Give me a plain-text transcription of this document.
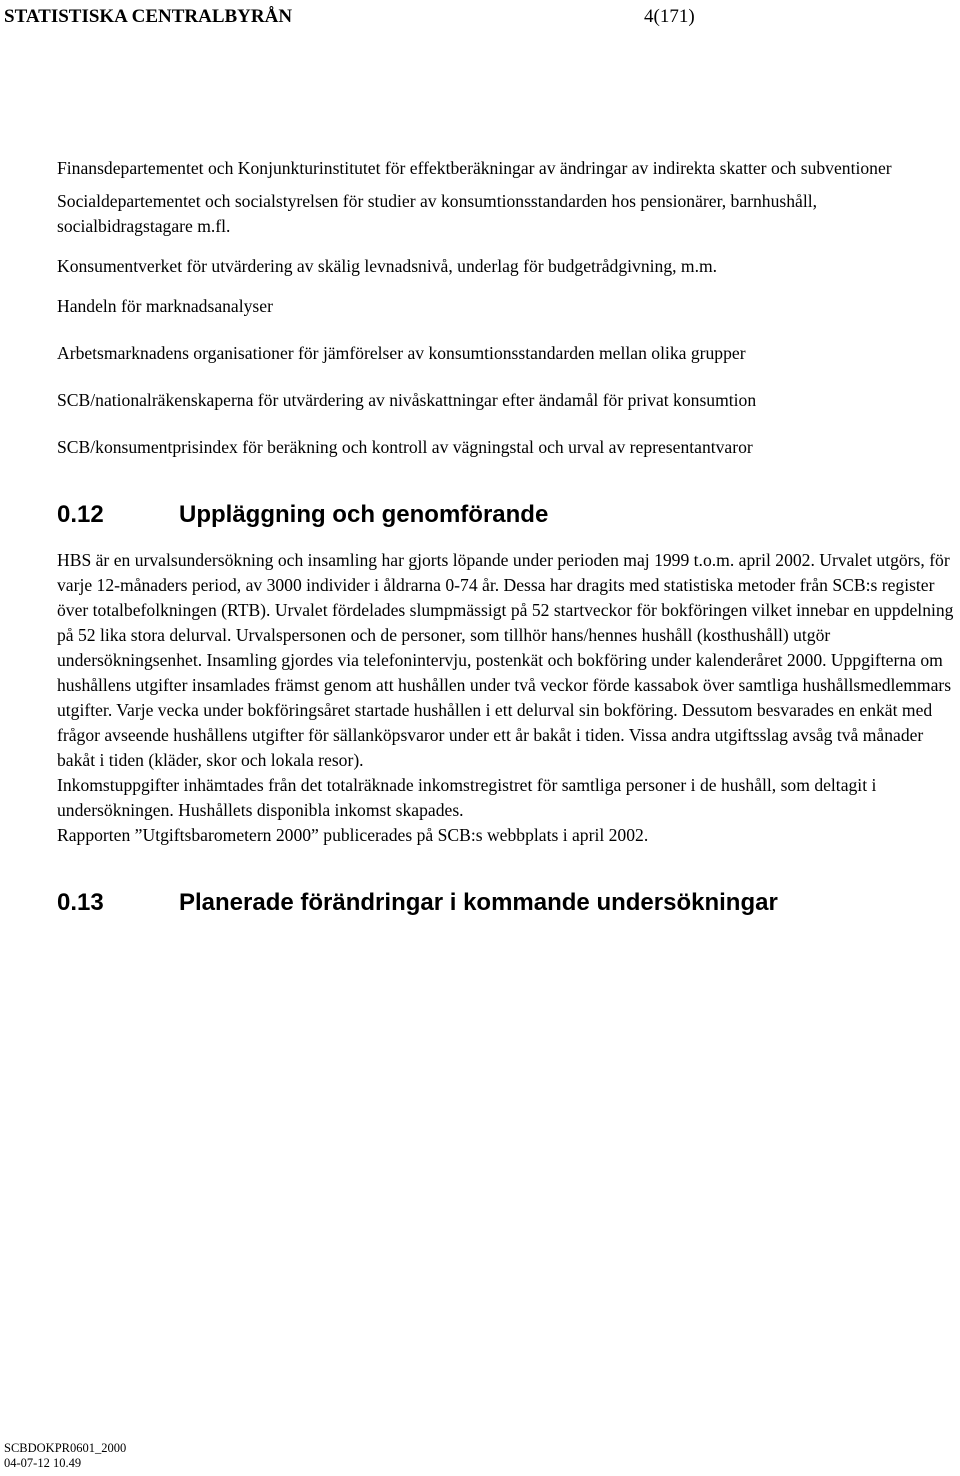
STATISTISKA CENTRALBYRÅN	4(171)

Finansdepartementet och Konjunkturinstitutet för effektberäkningar av ändringar av indirekta skatter och subventioner

Socialdepartementet och socialstyrelsen för studier av konsumtionsstandarden hos pensionärer, barnhushåll, socialbidragstagare m.fl.

Konsumentverket för utvärdering av skälig levnadsnivå, underlag för budgetrådgivning, m.m.

Handeln för marknadsanalyser

Arbetsmarknadens organisationer för jämförelser av konsumtionsstandarden mellan olika grupper

SCB/nationalräkenskaperna för utvärdering av nivåskattningar efter ändamål för privat konsumtion

SCB/konsumentprisindex för beräkning och kontroll av vägningstal och urval av representantvaror

0.12	Uppläggning och genomförande

HBS är en urvalsundersökning och insamling har gjorts löpande under perioden maj 1999 t.o.m. april 2002. Urvalet utgörs, för varje 12-månaders period, av 3000 individer i åldrarna 0-74 år. Dessa har dragits med statistiska metoder från SCB:s register över totalbefolkningen (RTB). Urvalet fördelades slumpmässigt på 52 startveckor för bokföringen vilket innebar en uppdelning på 52 lika stora delurval. Urvalspersonen och de personer, som tillhör hans/hennes hushåll (kosthushåll) utgör undersökningsenhet. Insamling gjordes via telefonintervju, postenkät och bokföring under kalenderåret 2000. Uppgifterna om hushållens utgifter insamlades främst genom att hushållen under två veckor förde kassabok över samtliga hushållsmedlemmars utgifter. Varje vecka under bokföringsåret startade hushållen i ett delurval sin bokföring. Dessutom besvarades en enkät med frågor avseende hushållens utgifter för sällanköpsvaror under ett år bakåt i tiden. Vissa andra utgiftsslag avsåg två månader bakåt i tiden (kläder, skor och lokala resor).

Inkomstuppgifter inhämtades från det totalräknade inkomstregistret för samtliga personer i de hushåll, som deltagit i undersökningen. Hushållets disponibla inkomst skapades.

Rapporten ”Utgiftsbarometern 2000” publicerades på SCB:s webbplats i april 2002.

0.13	Planerade förändringar i kommande undersökningar
SCBDOKPR0601_2000
04-07-12 10.49
